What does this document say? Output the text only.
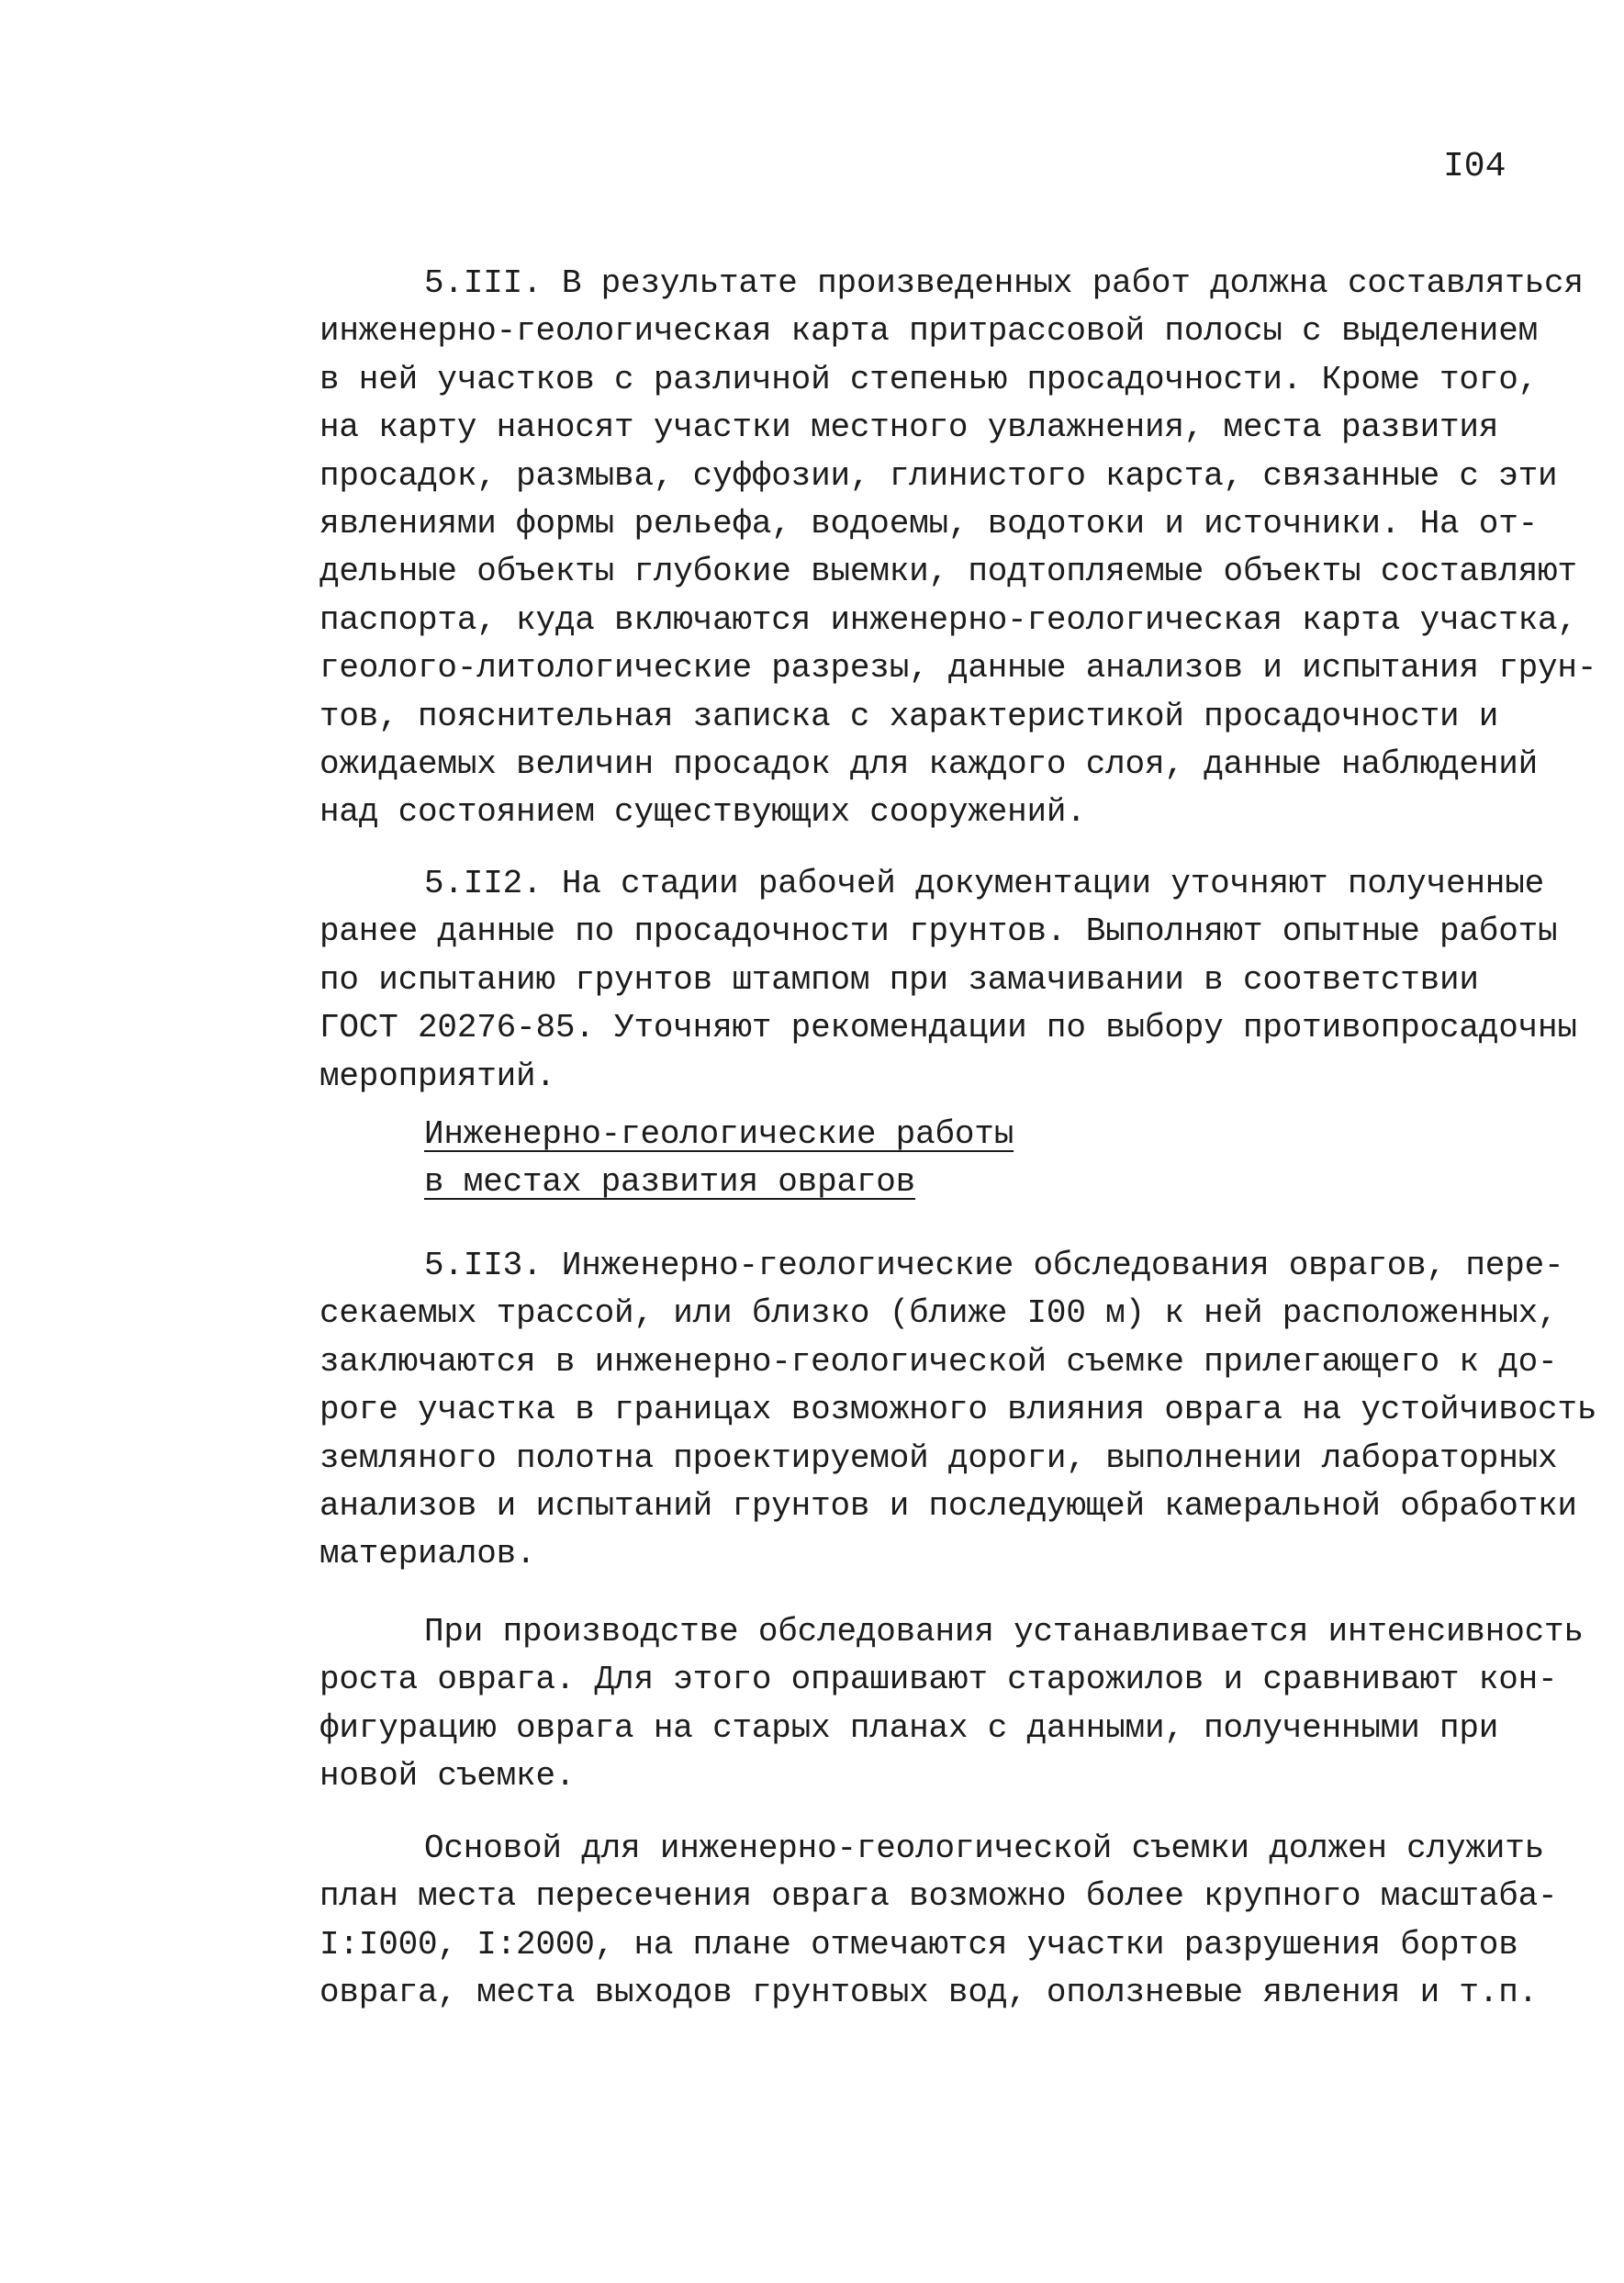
I04
5.III. В результате произведенных работ должна составляться
инженерно-геологическая карта притрассовой полосы с выделением
в ней участков с различной степенью просадочности. Кроме того,
на карту наносят участки местного увлажнения, места развития
просадок, размыва, суффозии, глинистого карста, связанные с эти
явлениями формы рельефа, водоемы, водотоки и источники. На от-
дельные объекты глубокие выемки, подтопляемые объекты составляют
паспорта, куда включаются инженерно-геологическая карта участка,
геолого-литологические разрезы, данные анализов и испытания грун-
тов, пояснительная записка с характеристикой просадочности и
ожидаемых величин просадок для каждого слоя, данные наблюдений
над состоянием существующих сооружений.
5.II2. На стадии рабочей документации уточняют полученные
ранее данные по просадочности грунтов. Выполняют опытные работы
по испытанию грунтов штампом при замачивании в соответствии
ГОСТ 20276-85. Уточняют рекомендации по выбору противопросадочны
мероприятий.
Инженерно-геологические работы
в местах развития оврагов
5.II3. Инженерно-геологические обследования оврагов, пере-
секаемых трассой, или близко (ближе I00 м) к ней расположенных,
заключаются в инженерно-геологической съемке прилегающего к до-
роге участка в границах возможного влияния оврага на устойчивость
земляного полотна проектируемой дороги, выполнении лабораторных
анализов и испытаний грунтов и последующей камеральной обработки
материалов.
При производстве обследования устанавливается интенсивность
роста оврага. Для этого опрашивают старожилов и сравнивают кон-
фигурацию оврага на старых планах с данными, полученными при
новой съемке.
Основой для инженерно-геологической съемки должен служить
план места пересечения оврага возможно более крупного масштаба-
I:I000, I:2000, на плане отмечаются участки разрушения бортов
оврага, места выходов грунтовых вод, оползневые явления и т.п.
